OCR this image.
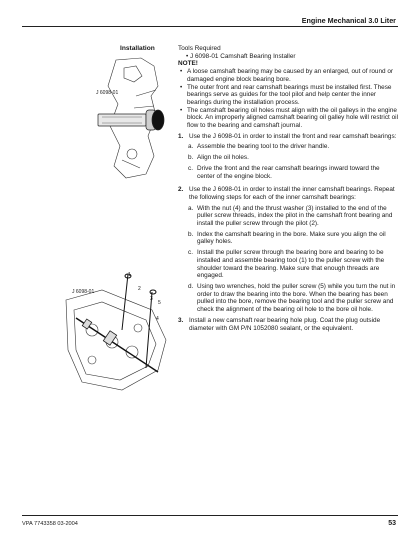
Engine Mechanical 3.0 Liter
Installation
J 6098-01
J 6098-01
1
2
3
4
5

Tools Required

• J 6098-01 Camshaft Bearing Installer

NOTE!

• A loose camshaft bearing may be caused by an enlarged, out of round or damaged engine block bearing bore.

• The outer front and rear camshaft bearings must be installed first. These bearings serve as guides for the tool pilot and help center the inner bearings during the installation process.

• The camshaft bearing oil holes must align with the oil galleys in the engine block. An improperly aligned camshaft bearing oil galley hole will restrict oil flow to the bearing and camshaft journal.

1. Use the J 6098-01 in order to install the front and rear camshaft bearings:
a. Assemble the bearing tool to the driver handle.
b. Align the oil holes.
c. Drive the front and the rear camshaft bearings inward toward the center of the engine block.
2. Use the J 6098-01 in order to install the inner camshaft bearings. Repeat the following steps for each of the inner camshaft bearings:
a. With the nut (4) and the thrust washer (3) installed to the end of the puller screw threads, index the pilot in the camshaft front bearing and install the puller screw through the pilot (2).
b. Index the camshaft bearing in the bore. Make sure you align the oil galley holes.
c. Install the puller screw through the bearing bore and bearing to be installed and assemble bearing tool (1) to the puller screw with the shoulder toward the bearing. Make sure that enough threads are engaged.
d. Using two wrenches, hold the puller screw (5) while you turn the nut in order to draw the bearing into the bore. When the bearing has been pulled into the bore, remove the bearing tool and the puller screw and check the alignment of the bearing oil hole to the bore oil hole.
3. Install a new camshaft rear bearing hole plug. Coat the plug outside diameter with GM P/N 1052080 sealant, or the equivalent.
VPA 7743358 03-2004	53
